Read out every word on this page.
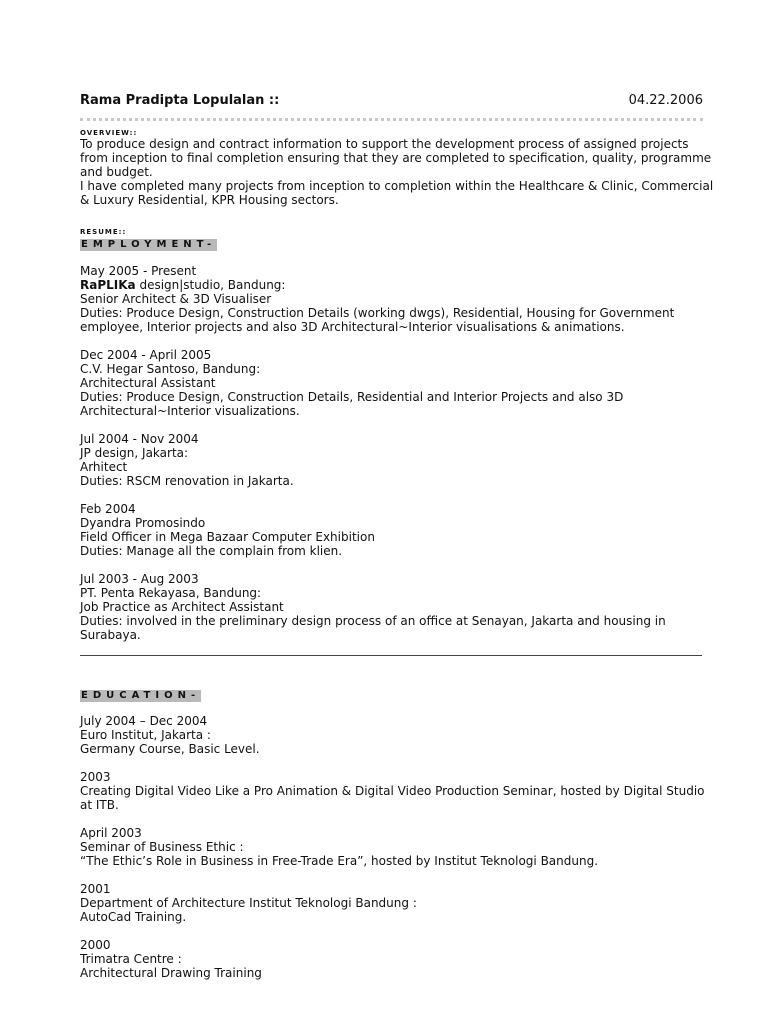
Rama Pradipta Lopulalan ::	04.22.2006
OVERVIEW::
To produce design and contract information to support the development process of assigned projects
from inception to final completion ensuring that they are completed to specification, quality, programme
and budget.
I have completed many projects from inception to completion within the Healthcare & Clinic, Commercial
& Luxury Residential, KPR Housing sectors.
RESUME::
EMPLOYMENT-
May 2005 - Present
RaPLIKa design|studio, Bandung:
Senior Architect & 3D Visualiser
Duties: Produce Design, Construction Details (working dwgs), Residential, Housing for Government
employee, Interior projects and also 3D Architectural~Interior visualisations & animations.
Dec 2004 - April 2005
C.V. Hegar Santoso, Bandung:
Architectural Assistant
Duties: Produce Design, Construction Details, Residential and Interior Projects and also 3D
Architectural~Interior visualizations.
Jul 2004 - Nov 2004
JP design, Jakarta:
Arhitect
Duties: RSCM renovation in Jakarta.
Feb 2004
Dyandra Promosindo
Field Officer in Mega Bazaar Computer Exhibition
Duties: Manage all the complain from klien.
Jul 2003 - Aug 2003
PT. Penta Rekayasa, Bandung:
Job Practice as Architect Assistant
Duties: involved in the preliminary design process of an office at Senayan, Jakarta and housing in
Surabaya.
EDUCATION-
July 2004 – Dec 2004
Euro Institut, Jakarta :
Germany Course, Basic Level.
2003
Creating Digital Video Like a Pro Animation & Digital Video Production Seminar, hosted by Digital Studio
at ITB.
April 2003
Seminar of Business Ethic :
“The Ethic’s Role in Business in Free-Trade Era”, hosted by Institut Teknologi Bandung.
2001
Department of Architecture Institut Teknologi Bandung :
AutoCad Training.
2000
Trimatra Centre :
Architectural Drawing Training
